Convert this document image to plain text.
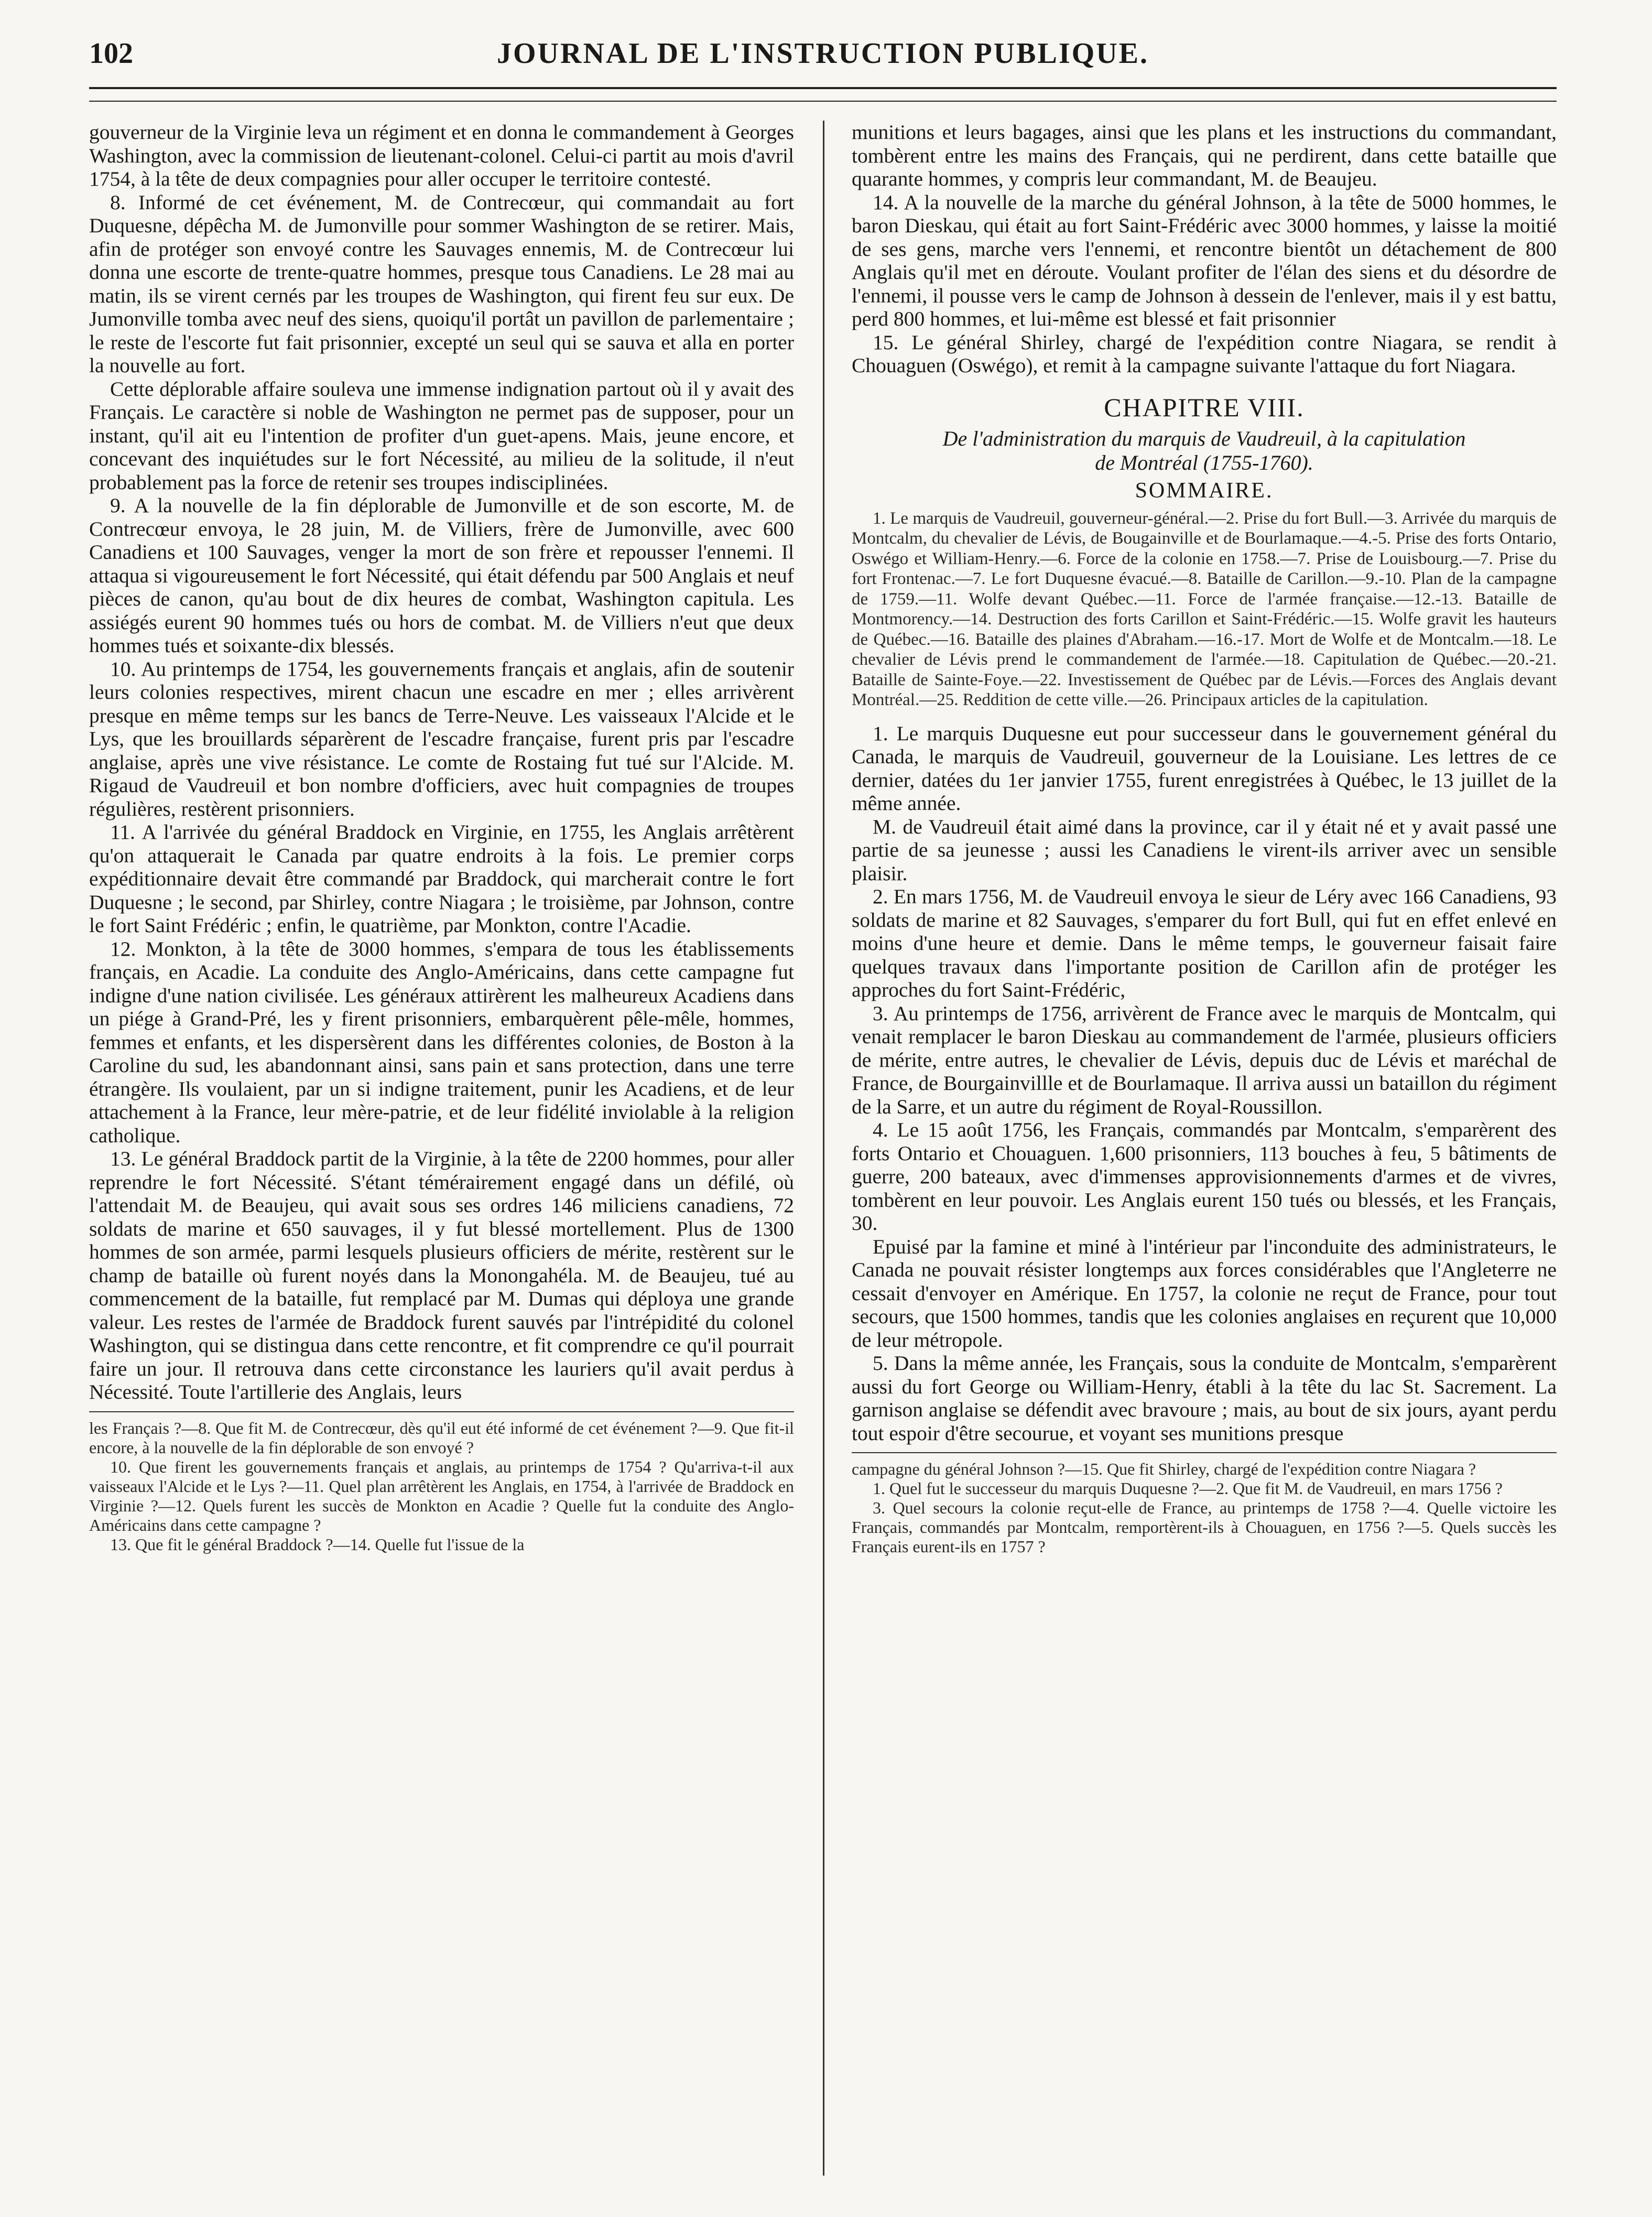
102	JOURNAL DE L'INSTRUCTION PUBLIQUE.

gouverneur de la Virginie leva un régiment et en donna le commandement à Georges Washington, avec la commission de lieutenant-colonel. Celui-ci partit au mois d'avril 1754, à la tête de deux compagnies pour aller occuper le territoire contesté.

8. Informé de cet événement, M. de Contrecœur, qui commandait au fort Duquesne, dépêcha M. de Jumonville pour sommer Washington de se retirer. Mais, afin de protéger son envoyé contre les Sauvages ennemis, M. de Contrecœur lui donna une escorte de trente-quatre hommes, presque tous Canadiens. Le 28 mai au matin, ils se virent cernés par les troupes de Washington, qui firent feu sur eux. De Jumonville tomba avec neuf des siens, quoiqu'il portât un pavillon de parlementaire ; le reste de l'escorte fut fait prisonnier, excepté un seul qui se sauva et alla en porter la nouvelle au fort.

Cette déplorable affaire souleva une immense indignation partout où il y avait des Français. Le caractère si noble de Washington ne permet pas de supposer, pour un instant, qu'il ait eu l'intention de profiter d'un guet-apens. Mais, jeune encore, et concevant des inquiétudes sur le fort Nécessité, au milieu de la solitude, il n'eut probablement pas la force de retenir ses troupes indisciplinées.

9. A la nouvelle de la fin déplorable de Jumonville et de son escorte, M. de Contrecœur envoya, le 28 juin, M. de Villiers, frère de Jumonville, avec 600 Canadiens et 100 Sauvages, venger la mort de son frère et repousser l'ennemi. Il attaqua si vigoureusement le fort Nécessité, qui était défendu par 500 Anglais et neuf pièces de canon, qu'au bout de dix heures de combat, Washington capitula. Les assiégés eurent 90 hommes tués ou hors de combat. M. de Villiers n'eut que deux hommes tués et soixante-dix blessés.

10. Au printemps de 1754, les gouvernements français et anglais, afin de soutenir leurs colonies respectives, mirent chacun une escadre en mer ; elles arrivèrent presque en même temps sur les bancs de Terre-Neuve. Les vaisseaux l'Alcide et le Lys, que les brouillards séparèrent de l'escadre française, furent pris par l'escadre anglaise, après une vive résistance. Le comte de Rostaing fut tué sur l'Alcide. M. Rigaud de Vaudreuil et bon nombre d'officiers, avec huit compagnies de troupes régulières, restèrent prisonniers.

11. A l'arrivée du général Braddock en Virginie, en 1755, les Anglais arrêtèrent qu'on attaquerait le Canada par quatre endroits à la fois. Le premier corps expéditionnaire devait être commandé par Braddock, qui marcherait contre le fort Duquesne ; le second, par Shirley, contre Niagara ; le troisième, par Johnson, contre le fort Saint Frédéric ; enfin, le quatrième, par Monkton, contre l'Acadie.

12. Monkton, à la tête de 3000 hommes, s'empara de tous les établissements français, en Acadie. La conduite des Anglo-Américains, dans cette campagne fut indigne d'une nation civilisée. Les généraux attirèrent les malheureux Acadiens dans un piége à Grand-Pré, les y firent prisonniers, embarquèrent pêle-mêle, hommes, femmes et enfants, et les dispersèrent dans les différentes colonies, de Boston à la Caroline du sud, les abandonnant ainsi, sans pain et sans protection, dans une terre étrangère. Ils voulaient, par un si indigne traitement, punir les Acadiens, et de leur attachement à la France, leur mère-patrie, et de leur fidélité inviolable à la religion catholique.

13. Le général Braddock partit de la Virginie, à la tête de 2200 hommes, pour aller reprendre le fort Nécessité. S'étant témérairement engagé dans un défilé, où l'attendait M. de Beaujeu, qui avait sous ses ordres 146 miliciens canadiens, 72 soldats de marine et 650 sauvages, il y fut blessé mortellement. Plus de 1300 hommes de son armée, parmi lesquels plusieurs officiers de mérite, restèrent sur le champ de bataille où furent noyés dans la Monongahéla. M. de Beaujeu, tué au commencement de la bataille, fut remplacé par M. Dumas qui déploya une grande valeur. Les restes de l'armée de Braddock furent sauvés par l'intrépidité du colonel Washington, qui se distingua dans cette rencontre, et fit comprendre ce qu'il pourrait faire un jour. Il retrouva dans cette circonstance les lauriers qu'il avait perdus à Nécessité. Toute l'artillerie des Anglais, leurs

les Français ?—8. Que fit M. de Contrecœur, dès qu'il eut été informé de cet événement ?—9. Que fit-il encore, à la nouvelle de la fin déplorable de son envoyé ?

10. Que firent les gouvernements français et anglais, au printemps de 1754 ? Qu'arriva-t-il aux vaisseaux l'Alcide et le Lys ?—11. Quel plan arrêtèrent les Anglais, en 1754, à l'arrivée de Braddock en Virginie ?—12. Quels furent les succès de Monkton en Acadie ? Quelle fut la conduite des Anglo-Américains dans cette campagne ?

13. Que fit le général Braddock ?—14. Quelle fut l'issue de la

munitions et leurs bagages, ainsi que les plans et les instructions du commandant, tombèrent entre les mains des Français, qui ne perdirent, dans cette bataille que quarante hommes, y compris leur commandant, M. de Beaujeu.

14. A la nouvelle de la marche du général Johnson, à la tête de 5000 hommes, le baron Dieskau, qui était au fort Saint-Frédéric avec 3000 hommes, y laisse la moitié de ses gens, marche vers l'ennemi, et rencontre bientôt un détachement de 800 Anglais qu'il met en déroute. Voulant profiter de l'élan des siens et du désordre de l'ennemi, il pousse vers le camp de Johnson à dessein de l'enlever, mais il y est battu, perd 800 hommes, et lui-même est blessé et fait prisonnier

15. Le général Shirley, chargé de l'expédition contre Niagara, se rendit à Chouaguen (Oswégo), et remit à la campagne suivante l'attaque du fort Niagara.

CHAPITRE VIII.
De l'administration du marquis de Vaudreuil, à la capitulation
de Montréal (1755-1760).
SOMMAIRE.

1. Le marquis de Vaudreuil, gouverneur-général.—2. Prise du fort Bull.—3. Arrivée du marquis de Montcalm, du chevalier de Lévis, de Bougainville et de Bourlamaque.—4.-5. Prise des forts Ontario, Oswégo et William-Henry.—6. Force de la colonie en 1758.—7. Prise de Louisbourg.—7. Prise du fort Frontenac.—7. Le fort Duquesne évacué.—8. Bataille de Carillon.—9.-10. Plan de la campagne de 1759.—11. Wolfe devant Québec.—11. Force de l'armée française.—12.-13. Bataille de Montmorency.—14. Destruction des forts Carillon et Saint-Frédéric.—15. Wolfe gravit les hauteurs de Québec.—16. Bataille des plaines d'Abraham.—16.-17. Mort de Wolfe et de Montcalm.—18. Le chevalier de Lévis prend le commandement de l'armée.—18. Capitulation de Québec.—20.-21. Bataille de Sainte-Foye.—22. Investissement de Québec par de Lévis.—Forces des Anglais devant Montréal.—25. Reddition de cette ville.—26. Principaux articles de la capitulation.

1. Le marquis Duquesne eut pour successeur dans le gouvernement général du Canada, le marquis de Vaudreuil, gouverneur de la Louisiane. Les lettres de ce dernier, datées du 1er janvier 1755, furent enregistrées à Québec, le 13 juillet de la même année.

M. de Vaudreuil était aimé dans la province, car il y était né et y avait passé une partie de sa jeunesse ; aussi les Canadiens le virent-ils arriver avec un sensible plaisir.

2. En mars 1756, M. de Vaudreuil envoya le sieur de Léry avec 166 Canadiens, 93 soldats de marine et 82 Sauvages, s'emparer du fort Bull, qui fut en effet enlevé en moins d'une heure et demie. Dans le même temps, le gouverneur faisait faire quelques travaux dans l'importante position de Carillon afin de protéger les approches du fort Saint-Frédéric,

3. Au printemps de 1756, arrivèrent de France avec le marquis de Montcalm, qui venait remplacer le baron Dieskau au commandement de l'armée, plusieurs officiers de mérite, entre autres, le chevalier de Lévis, depuis duc de Lévis et maréchal de France, de Bourgainvillle et de Bourlamaque. Il arriva aussi un bataillon du régiment de la Sarre, et un autre du régiment de Royal-Roussillon.

4. Le 15 août 1756, les Français, commandés par Montcalm, s'emparèrent des forts Ontario et Chouaguen. 1,600 prisonniers, 113 bouches à feu, 5 bâtiments de guerre, 200 bateaux, avec d'immenses approvisionnements d'armes et de vivres, tombèrent en leur pouvoir. Les Anglais eurent 150 tués ou blessés, et les Français, 30.

Epuisé par la famine et miné à l'intérieur par l'inconduite des administrateurs, le Canada ne pouvait résister longtemps aux forces considérables que l'Angleterre ne cessait d'envoyer en Amérique. En 1757, la colonie ne reçut de France, pour tout secours, que 1500 hommes, tandis que les colonies anglaises en reçurent que 10,000 de leur métropole.

5. Dans la même année, les Français, sous la conduite de Montcalm, s'emparèrent aussi du fort George ou William-Henry, établi à la tête du lac St. Sacrement. La garnison anglaise se défendit avec bravoure ; mais, au bout de six jours, ayant perdu tout espoir d'être secourue, et voyant ses munitions presque

campagne du général Johnson ?—15. Que fit Shirley, chargé de l'expédition contre Niagara ?

1. Quel fut le successeur du marquis Duquesne ?—2. Que fit M. de Vaudreuil, en mars 1756 ?

3. Quel secours la colonie reçut-elle de France, au printemps de 1758 ?—4. Quelle victoire les Français, commandés par Montcalm, remportèrent-ils à Chouaguen, en 1756 ?—5. Quels succès les Français eurent-ils en 1757 ?
